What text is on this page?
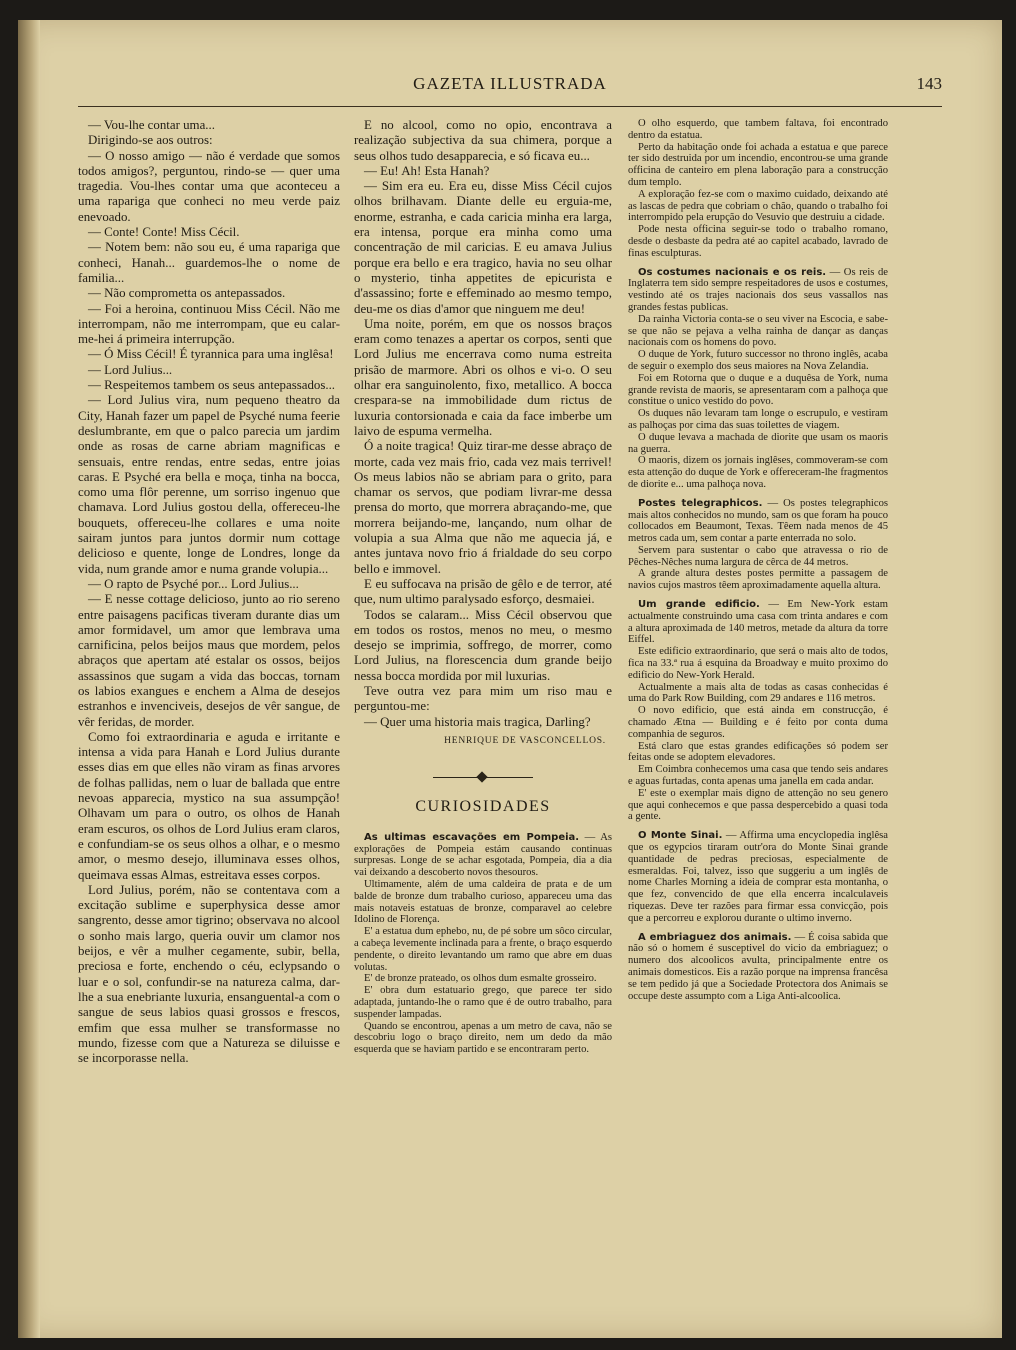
GAZETA ILLUSTRADA	143

— Vou-lhe contar uma...

Dirigindo-se aos outros:

— O nosso amigo — não é verdade que somos todos amigos?, perguntou, rindo-se — quer uma tragedia. Vou-lhes contar uma que aconteceu a uma rapariga que conheci no meu verde paiz enevoado.

— Conte! Conte! Miss Cécil.

— Notem bem: não sou eu, é uma rapariga que conheci, Hanah... guardemos-lhe o nome de familia...

— Não comprometta os antepassados.

— Foi a heroina, continuou Miss Cécil. Não me interrompam, não me interrompam, que eu calar-me-hei á primeira interrupção.

— Ó Miss Cécil! É tyrannica para uma inglêsa!

— Lord Julius...

— Respeitemos tambem os seus antepassados...

— Lord Julius vira, num pequeno theatro da City, Hanah fazer um papel de Psyché numa feerie deslumbrante, em que o palco parecia um jardim onde as rosas de carne abriam magnificas e sensuais, entre rendas, entre sedas, entre joias caras. E Psyché era bella e moça, tinha na bocca, como uma flôr perenne, um sorriso ingenuo que chamava. Lord Julius gostou della, offereceu-lhe bouquets, offereceu-lhe collares e uma noite sairam juntos para juntos dormir num cottage delicioso e quente, longe de Londres, longe da vida, num grande amor e numa grande volupia...

— O rapto de Psyché por... Lord Julius...

— E nesse cottage delicioso, junto ao rio sereno entre paisagens pacificas tiveram durante dias um amor formidavel, um amor que lembrava uma carnificina, pelos beijos maus que mordem, pelos abraços que apertam até estalar os ossos, beijos assassinos que sugam a vida das boccas, tornam os labios exangues e enchem a Alma de desejos estranhos e invenciveis, desejos de vêr sangue, de vêr feridas, de morder.

Como foi extraordinaria e aguda e irritante e intensa a vida para Hanah e Lord Julius durante esses dias em que elles não viram as finas arvores de folhas pallidas, nem o luar de ballada que entre nevoas apparecia, mystico na sua assumpção! Olhavam um para o outro, os olhos de Hanah eram escuros, os olhos de Lord Julius eram claros, e confundiam-se os seus olhos a olhar, e o mesmo amor, o mesmo desejo, illuminava esses olhos, queimava essas Almas, estreitava esses corpos.

Lord Julius, porém, não se contentava com a excitação sublime e superphysica desse amor sangrento, desse amor tigrino; observava no alcool o sonho mais largo, queria ouvir um clamor nos beijos, e vêr a mulher cegamente, subir, bella, preciosa e forte, enchendo o céu, eclypsando o luar e o sol, confundir-se na natureza calma, dar-lhe a sua enebriante luxuria, ensanguental-a com o sangue de seus labios quasi grossos e frescos, emfim que essa mulher se transformasse no mundo, fizesse com que a Natureza se diluisse e se incorporasse nella.

E no alcool, como no opio, encontrava a realização subjectiva da sua chimera, porque a seus olhos tudo desapparecia, e só ficava eu...

— Eu! Ah! Esta Hanah?

— Sim era eu. Era eu, disse Miss Cécil cujos olhos brilhavam. Diante delle eu erguia-me, enorme, estranha, e cada caricia minha era larga, era intensa, porque era minha como uma concentração de mil caricias. E eu amava Julius porque era bello e era tragico, havia no seu olhar o mysterio, tinha appetites de epicurista e d'assassino; forte e effeminado ao mesmo tempo, deu-me os dias d'amor que ninguem me deu!

Uma noite, porém, em que os nossos braços eram como tenazes a apertar os corpos, senti que Lord Julius me encerrava como numa estreita prisão de marmore. Abri os olhos e vi-o. O seu olhar era sanguinolento, fixo, metallico. A bocca crespara-se na immobilidade dum rictus de luxuria contorsionada e caia da face imberbe um laivo de espuma vermelha.

Ó a noite tragica! Quiz tirar-me desse abraço de morte, cada vez mais frio, cada vez mais terrivel! Os meus labios não se abriam para o grito, para chamar os servos, que podiam livrar-me dessa prensa do morto, que morrera abraçando-me, que morrera beijando-me, lançando, num olhar de volupia a sua Alma que não me aquecia já, e antes juntava novo frio á frialdade do seu corpo bello e immovel.

E eu suffocava na prisão de gêlo e de terror, até que, num ultimo paralysado esforço, desmaiei.

Todos se calaram... Miss Cécil observou que em todos os rostos, menos no meu, o mesmo desejo se imprimia, soffrego, de morrer, como Lord Julius, na florescencia dum grande beijo nessa bocca mordida por mil luxurias.

Teve outra vez para mim um riso mau e perguntou-me:

— Quer uma historia mais tragica, Darling?

HENRIQUE DE VASCONCELLOS.
CURIOSIDADES

As ultimas escavações em Pompeia. — As explorações de Pompeia estám causando continuas surpresas. Longe de se achar esgotada, Pompeia, dia a dia vai deixando a descoberto novos thesouros.

Ultimamente, além de uma caldeira de prata e de um balde de bronze dum trabalho curioso, appareceu uma das mais notaveis estatuas de bronze, comparavel ao celebre Idolino de Florença.

E' a estatua dum ephebo, nu, de pé sobre um sôco circular, a cabeça levemente inclinada para a frente, o braço esquerdo pendente, o direito levantando um ramo que abre em duas volutas.

E' de bronze prateado, os olhos dum esmalte grosseiro.

E' obra dum estatuario grego, que parece ter sido adaptada, juntando-lhe o ramo que é de outro trabalho, para suspender lampadas.

Quando se encontrou, apenas a um metro de cava, não se descobriu logo o braço direito, nem um dedo da mão esquerda que se haviam partido e se encontraram perto.

O olho esquerdo, que tambem faltava, foi encontrado dentro da estatua.

Perto da habitação onde foi achada a estatua e que parece ter sido destruida por um incendio, encontrou-se uma grande officina de canteiro em plena laboração para a construcção dum templo.

A exploração fez-se com o maximo cuidado, deixando até as lascas de pedra que cobriam o chão, quando o trabalho foi interrompido pela erupção do Vesuvio que destruiu a cidade.

Pode nesta officina seguir-se todo o trabalho romano, desde o desbaste da pedra até ao capitel acabado, lavrado de finas esculpturas.

Os costumes nacionais e os reis. — Os reis de Inglaterra tem sido sempre respeitadores de usos e costumes, vestindo até os trajes nacionais dos seus vassallos nas grandes festas publicas.

Da rainha Victoria conta-se o seu viver na Escocia, e sabe-se que não se pejava a velha rainha de dançar as danças nacionais com os homens do povo.

O duque de York, futuro successor no throno inglês, acaba de seguir o exemplo dos seus maiores na Nova Zelandia.

Foi em Rotorna que o duque e a duquêsa de York, numa grande revista de maoris, se apresentaram com a palhoça que constitue o unico vestido do povo.

Os duques não levaram tam longe o escrupulo, e vestiram as palhoças por cima das suas toilettes de viagem.

O duque levava a machada de diorite que usam os maoris na guerra.

O maoris, dizem os jornais inglêses, commoveram-se com esta attenção do duque de York e offereceram-lhe fragmentos de diorite e... uma palhoça nova.

Postes telegraphicos. — Os postes telegraphicos mais altos conhecidos no mundo, sam os que foram ha pouco collocados em Beaumont, Texas. Têem nada menos de 45 metros cada um, sem contar a parte enterrada no solo.

Servem para sustentar o cabo que atravessa o rio de Pêches-Nêches numa largura de cêrca de 44 metros.

A grande altura destes postes permitte a passagem de navios cujos mastros têem aproximadamente aquella altura.

Um grande edificio. — Em New-York estam actualmente construindo uma casa com trinta andares e com a altura aproximada de 140 metros, metade da altura da torre Eiffel.

Este edificio extraordinario, que será o mais alto de todos, fica na 33.ª rua á esquina da Broadway e muito proximo do edificio do New-York Herald.

Actualmente a mais alta de todas as casas conhecidas é uma do Park Row Building, com 29 andares e 116 metros.

O novo edificio, que está ainda em construcção, é chamado Ætna — Building e é feito por conta duma companhia de seguros.

Está claro que estas grandes edificações só podem ser feitas onde se adoptem elevadores.

Em Coimbra conhecemos uma casa que tendo seis andares e aguas furtadas, conta apenas uma janella em cada andar.

E' este o exemplar mais digno de attenção no seu genero que aqui conhecemos e que passa despercebido a quasi toda a gente.

O Monte Sinai. — Affirma uma encyclopedia inglêsa que os egypcios tiraram outr'ora do Monte Sinai grande quantidade de pedras preciosas, especialmente de esmeraldas. Foi, talvez, isso que suggeriu a um inglês de nome Charles Morning a ideia de comprar esta montanha, o que fez, convencido de que ella encerra incalculaveis riquezas. Deve ter razões para firmar essa convicção, pois que a percorreu e explorou durante o ultimo inverno.

A embriaguez dos animais. — É coisa sabida que não só o homem é susceptivel do vicio da embriaguez; o numero dos alcoolicos avulta, principalmente entre os animais domesticos. Eis a razão porque na imprensa francêsa se tem pedido já que a Sociedade Protectora dos Animais se occupe deste assumpto com a Liga Anti-alcoolica.
